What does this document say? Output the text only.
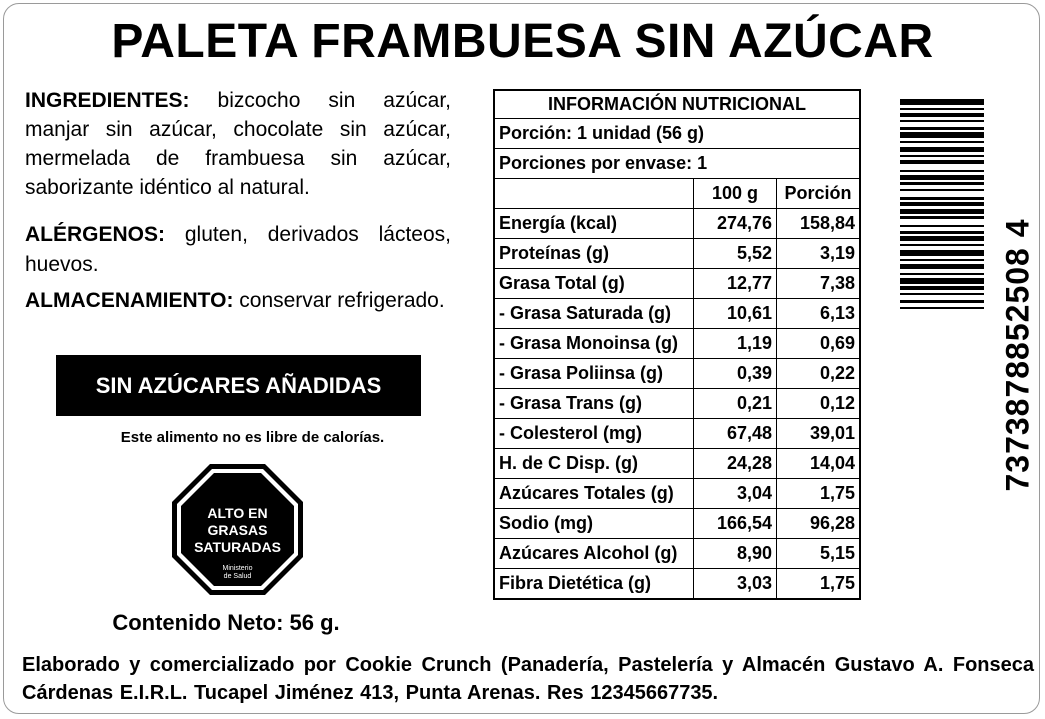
PALETA FRAMBUESA SIN AZÚCAR
INGREDIENTES: bizcocho sin azúcar, manjar sin azúcar, chocolate sin azúcar, mermelada de frambuesa sin azúcar, saborizante idéntico al natural.
ALÉRGENOS: gluten, derivados lácteos, huevos.
ALMACENAMIENTO: conservar refrigerado.
SIN AZÚCARES AÑADIDAS
Este alimento no es libre de calorías.
ALTO EN
GRASAS
SATURADAS
Ministerio
de Salud
Contenido Neto: 56 g.
INFORMACIÓN NUTRICIONAL		
Porción: 1 unidad (56 g)		
Porciones por envase: 1		
	100 g	Porción
Energía (kcal)	274,76	158,84
Proteínas (g)	5,52	3,19
Grasa Total (g)	12,77	7,38
- Grasa Saturada (g)	10,61	6,13
- Grasa Monoinsa (g)	1,19	0,69
- Grasa Poliinsa (g)	0,39	0,22
- Grasa Trans (g)	0,21	0,12
- Colesterol (mg)	67,48	39,01
H. de C Disp. (g)	24,28	14,04
Azúcares Totales (g)	3,04	1,75
Sodio (mg)	166,54	96,28
Azúcares Alcohol (g)	8,90	5,15
Fibra Dietética (g)	3,03	1,75
7373878852508 4
Elaborado y comercializado por Cookie Crunch (Panadería, Pastelería y Almacén Gustavo A. Fonseca Cárdenas E.I.R.L. Tucapel Jiménez 413, Punta Arenas. Res 12345667735.
